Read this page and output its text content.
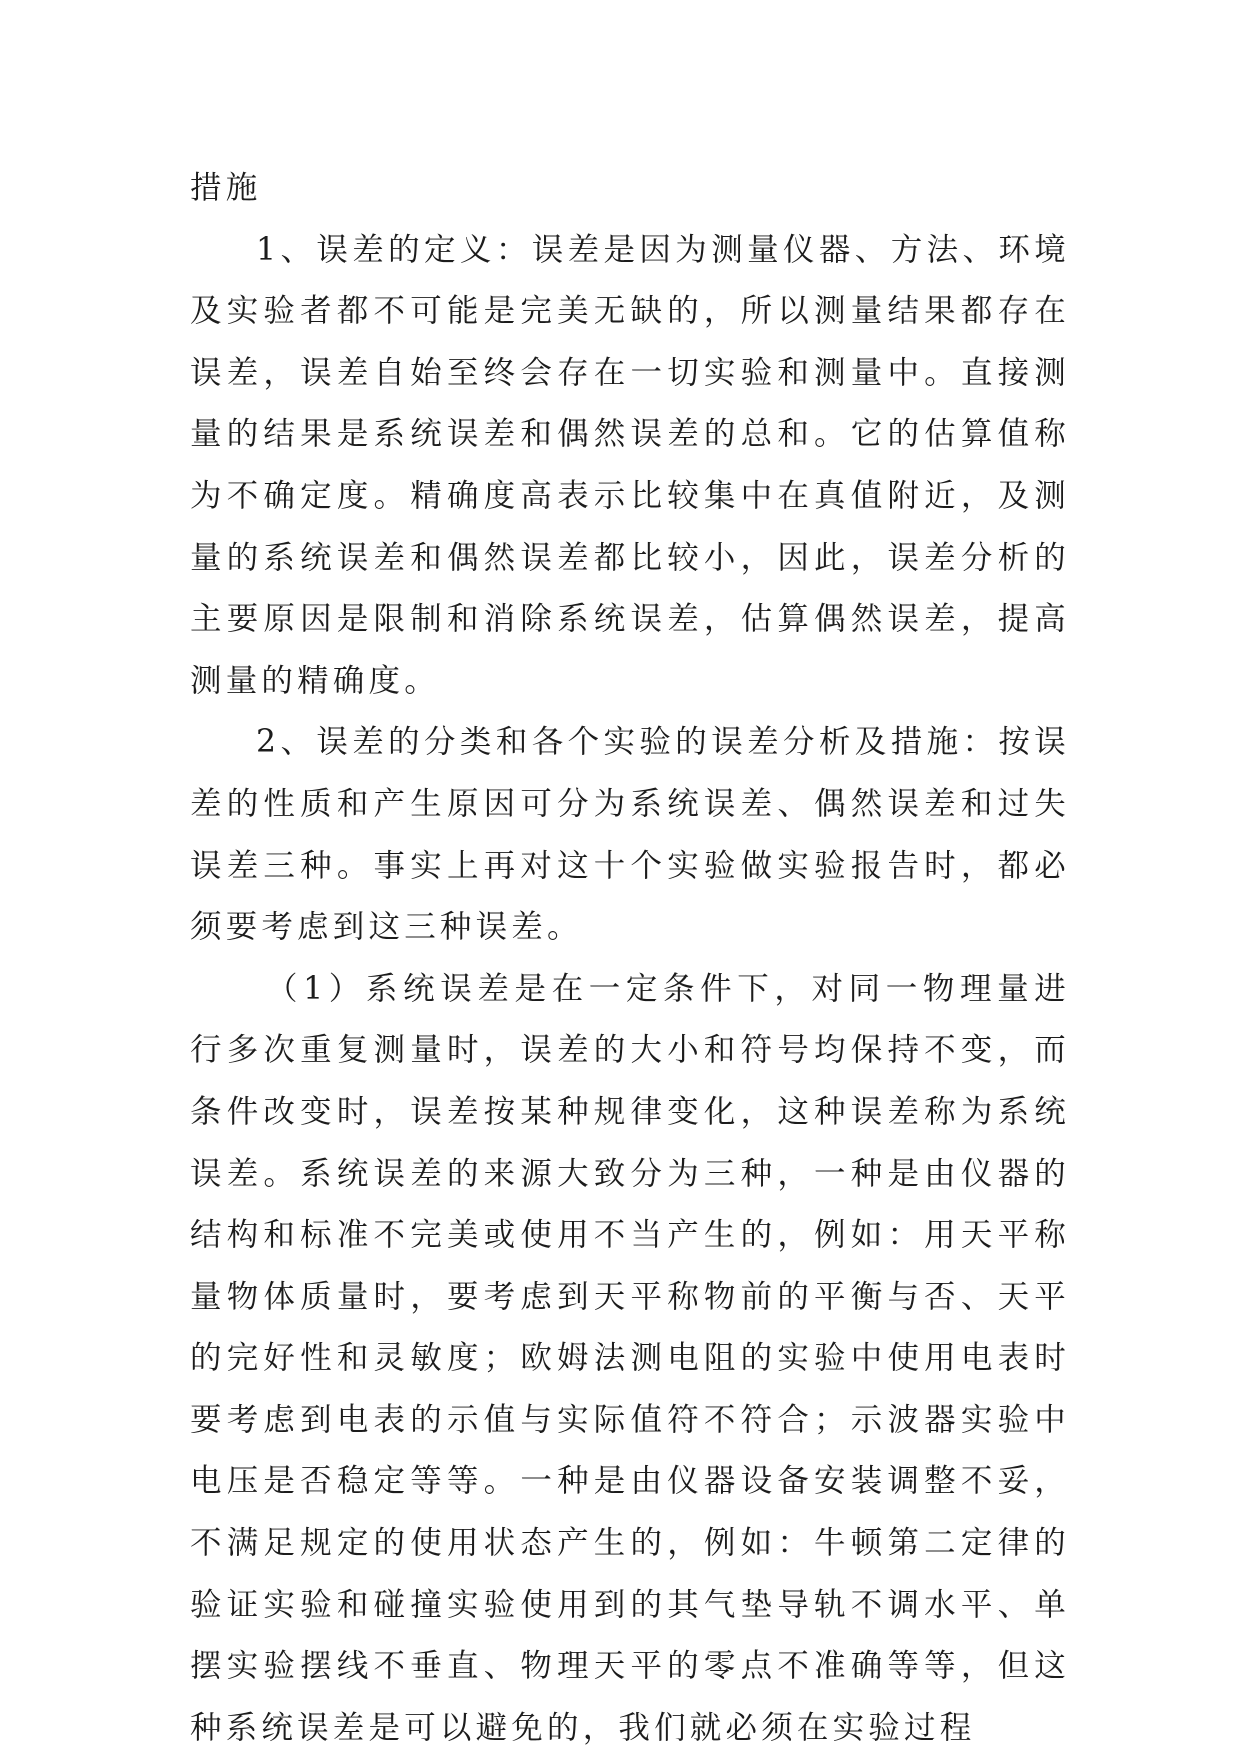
措施

1、误差的定义：误差是因为测量仪器、方法、环境及实验者都不可能是完美无缺的，所以测量结果都存在误差，误差自始至终会存在一切实验和测量中。直接测量的结果是系统误差和偶然误差的总和。它的估算值称为不确定度。精确度高表示比较集中在真值附近，及测量的系统误差和偶然误差都比较小，因此，误差分析的主要原因是限制和消除系统误差，估算偶然误差，提高测量的精确度。

2、误差的分类和各个实验的误差分析及措施：按误差的性质和产生原因可分为系统误差、偶然误差和过失误差三种。事实上再对这十个实验做实验报告时，都必须要考虑到这三种误差。

（1）系统误差是在一定条件下，对同一物理量进行多次重复测量时，误差的大小和符号均保持不变，而条件改变时，误差按某种规律变化，这种误差称为系统误差。系统误差的来源大致分为三种，一种是由仪器的结构和标准不完美或使用不当产生的，例如：用天平称量物体质量时，要考虑到天平称物前的平衡与否、天平的完好性和灵敏度；欧姆法测电阻的实验中使用电表时要考虑到电表的示值与实际值符不符合；示波器实验中电压是否稳定等等。一种是由仪器设备安装调整不妥，不满足规定的使用状态产生的，例如：牛顿第二定律的验证实验和碰撞实验使用到的其气垫导轨不调水平、单摆实验摆线不垂直、物理天平的零点不准确等等，但这种系统误差是可以避免的，我们就必须在实验过程
